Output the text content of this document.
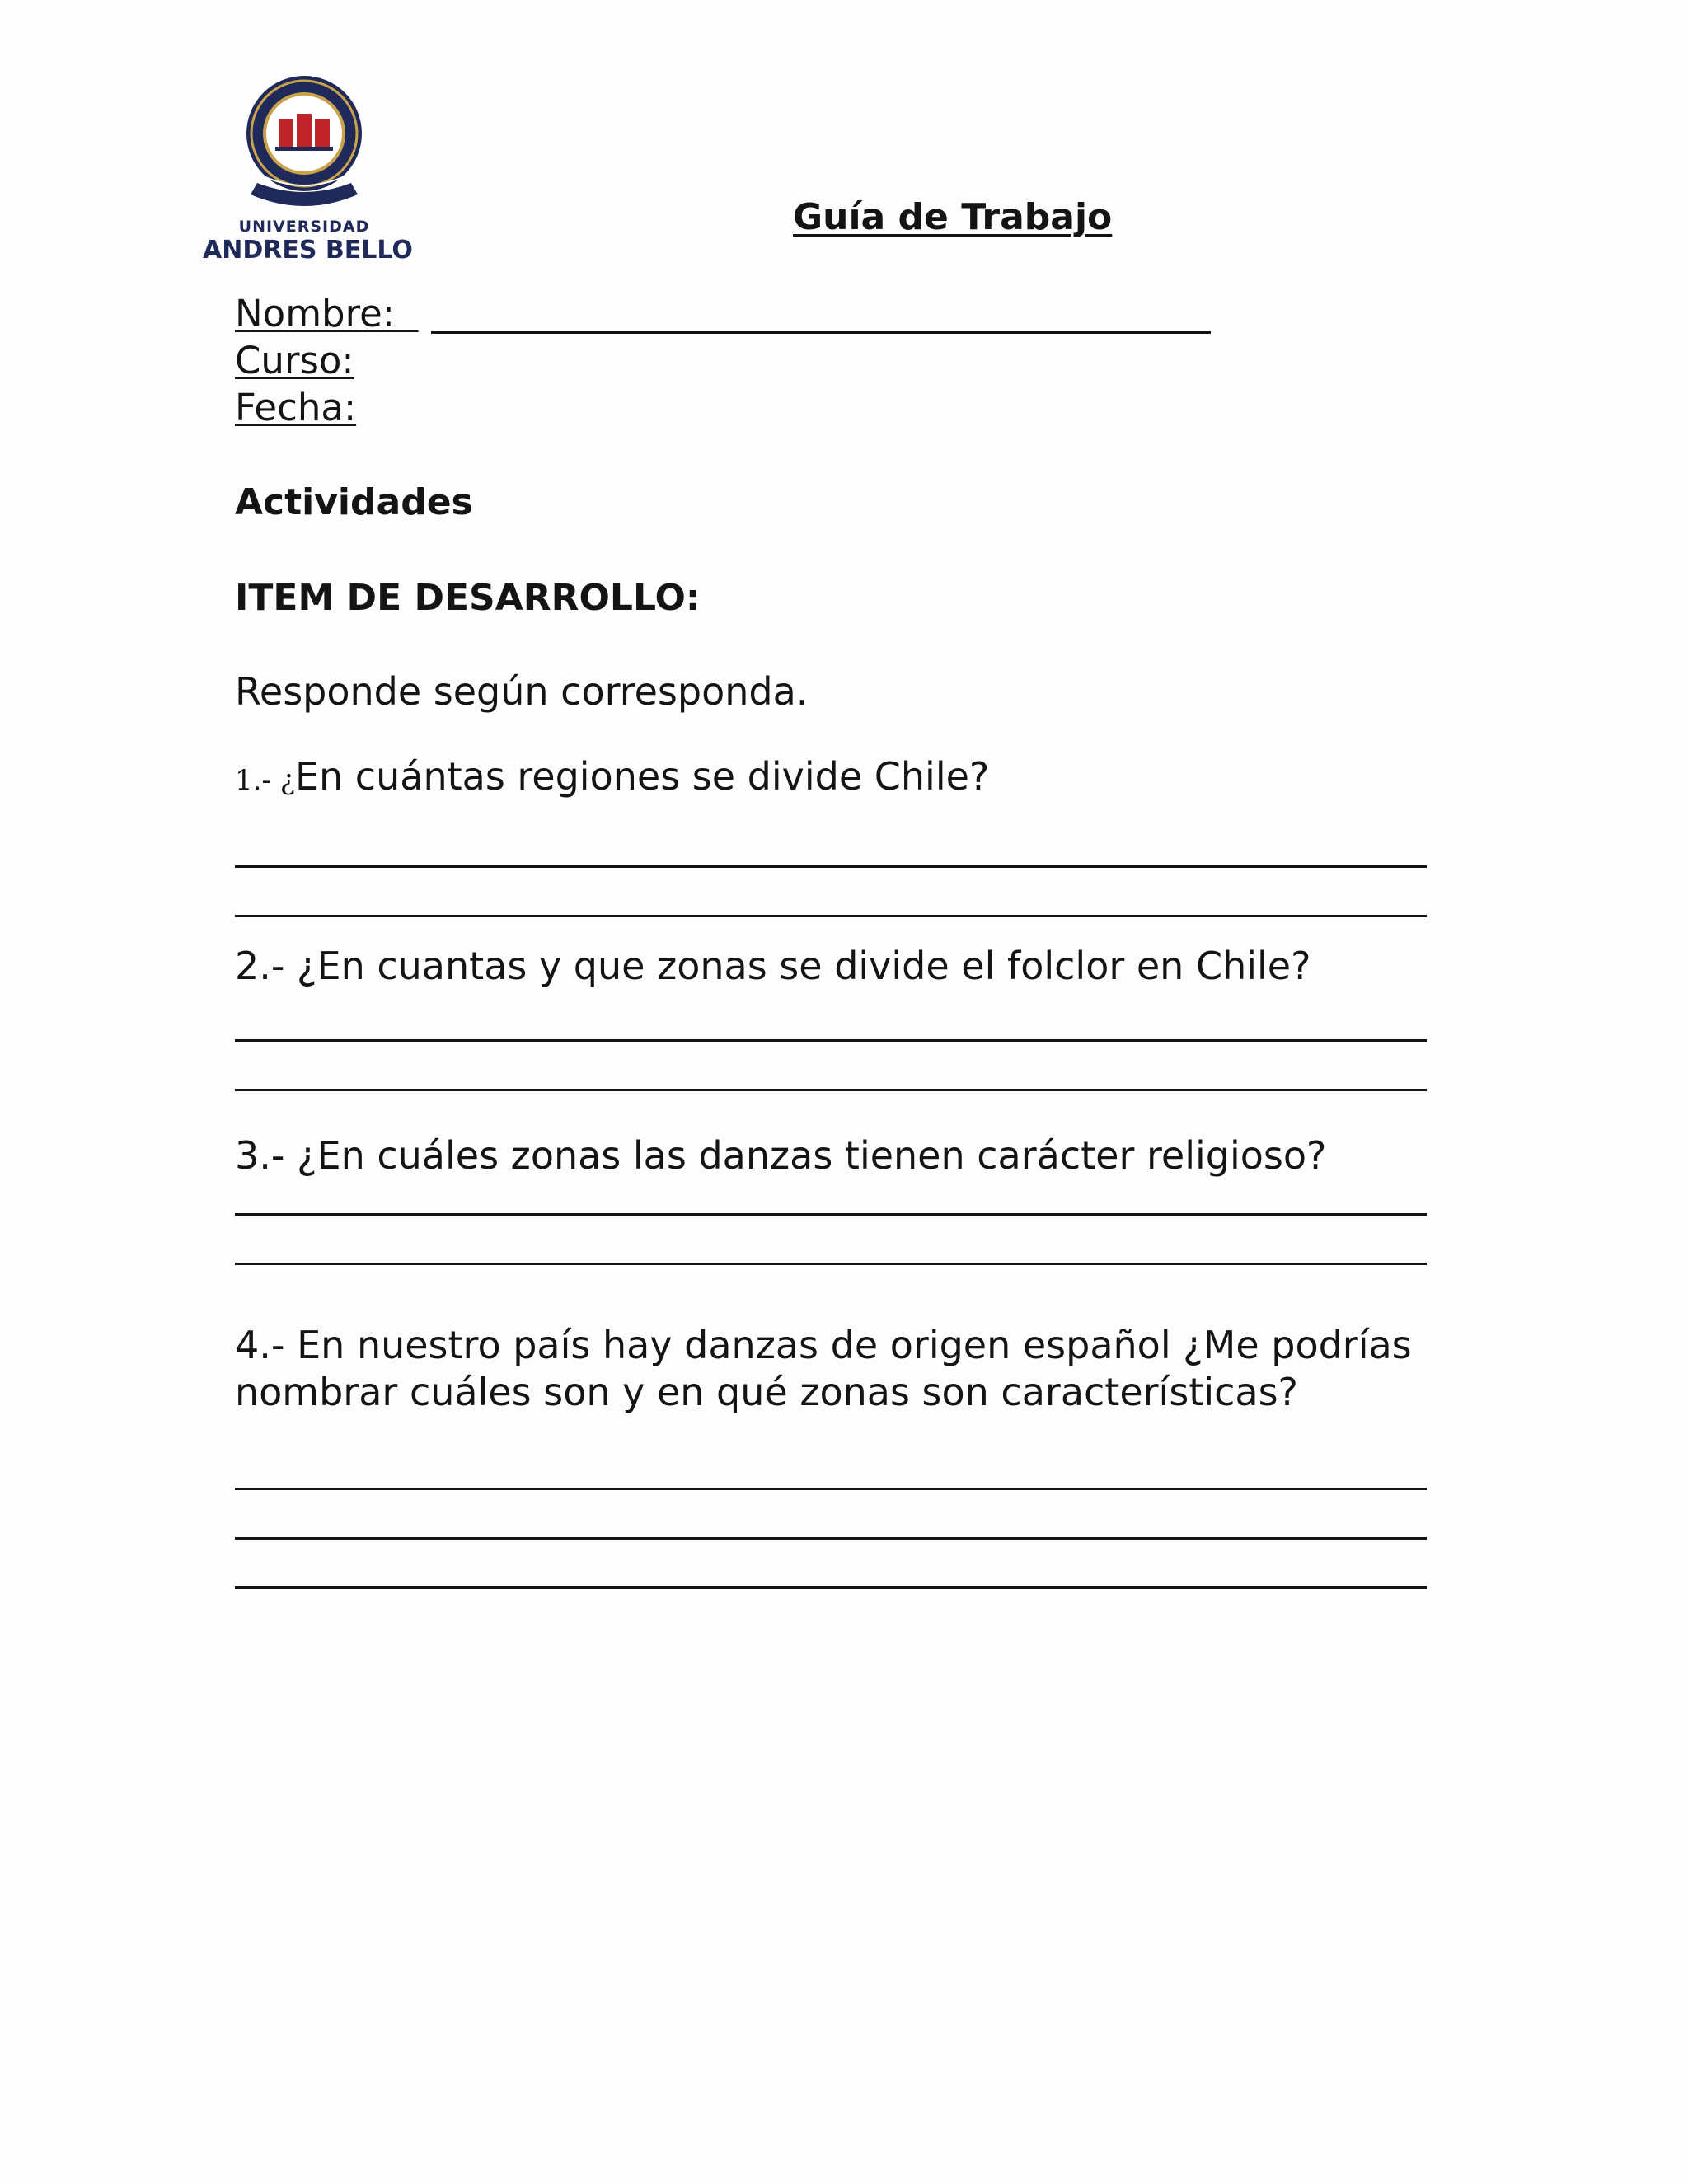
UNIVERSIDAD
ANDRES BELLO
Guía de Trabajo
Nombre:
Curso:
Fecha:
Actividades
ITEM DE DESARROLLO:
Responde según corresponda.
1.- ¿En cuántas regiones se divide Chile?
2.- ¿En cuantas y que zonas se divide el folclor en Chile?
3.- ¿En cuáles zonas las danzas tienen carácter religioso?
4.- En nuestro país hay danzas de origen español ¿Me podrías
nombrar cuáles son y en qué zonas son características?
